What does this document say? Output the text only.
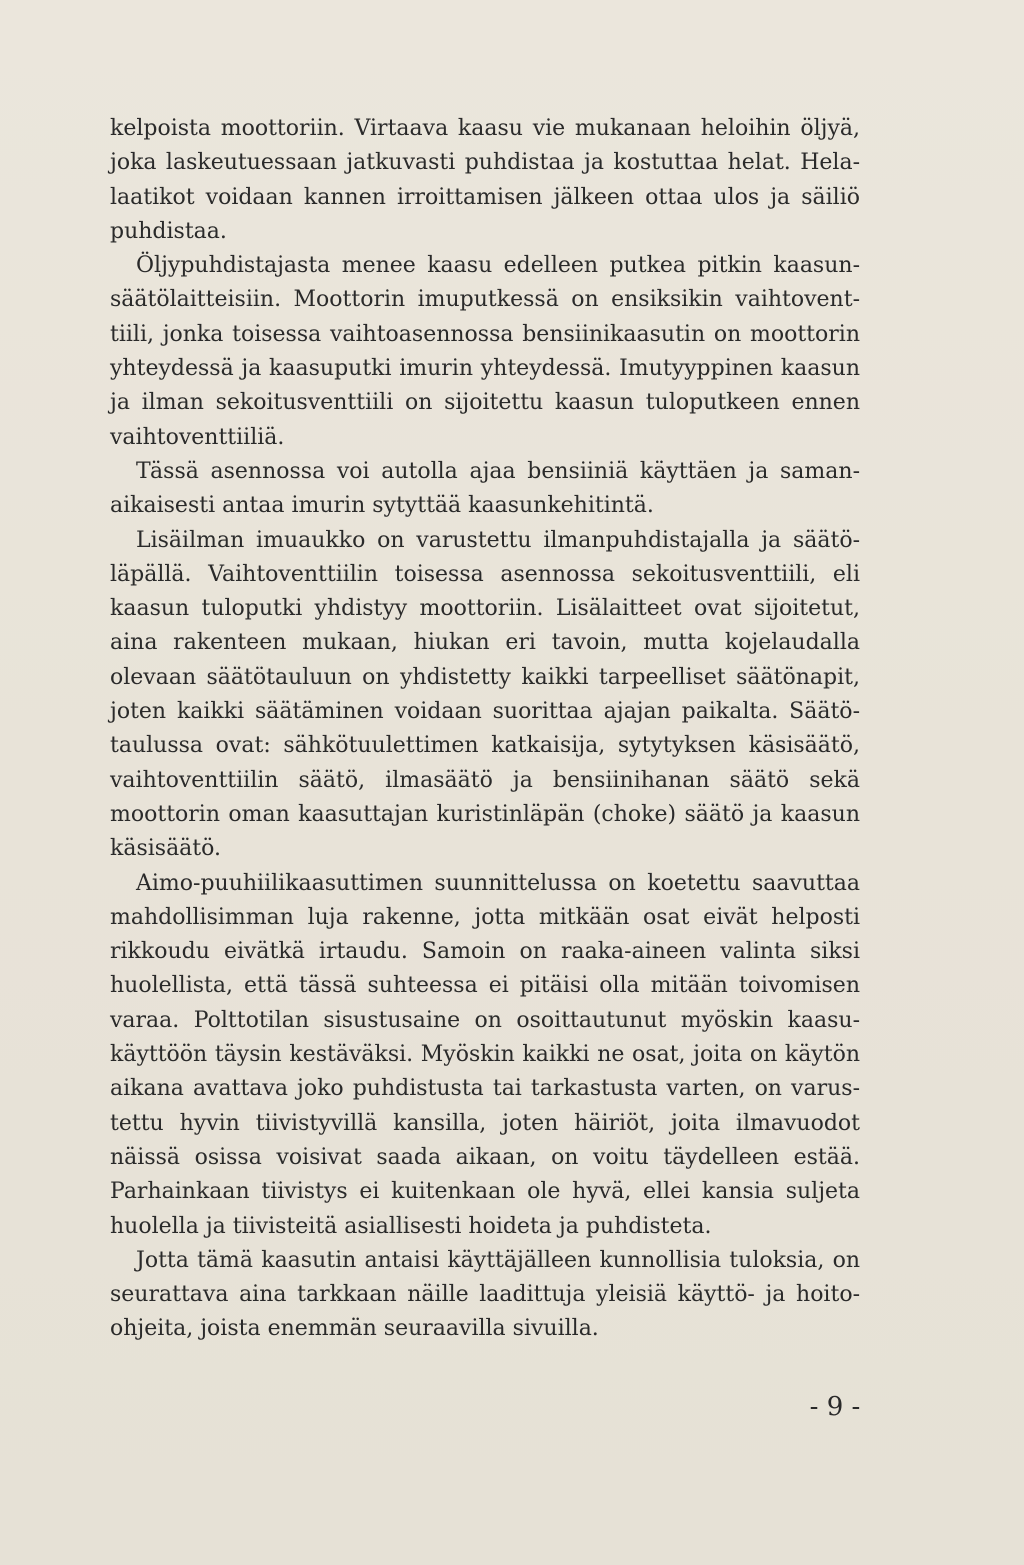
kelpoista moottoriin. Virtaava kaasu vie mukanaan heloihin öljyä, joka laskeutuessaan jatkuvasti puhdistaa ja kostuttaa helat. Helalaatikot voidaan kannen irroittamisen jälkeen ottaa ulos ja säiliö puhdistaa.

Öljypuhdistajasta menee kaasu edelleen putkea pitkin kaasunsäätölaitteisiin. Moottorin imuputkessä on ensiksikin vaihtoventtiili, jonka toisessa vaihtoasennossa bensiinikaasutin on moottorin yhteydessä ja kaasuputki imurin yhteydessä. Imutyyppinen kaasun ja ilman sekoitusventtiili on sijoitettu kaasun tuloputkeen ennen vaihtoventtiiliä.

Tässä asennossa voi autolla ajaa bensiiniä käyttäen ja samanaikaisesti antaa imurin sytyttää kaasunkehitintä.

Lisäilman imuaukko on varustettu ilmanpuhdistajalla ja säätöläpällä. Vaihtoventtiilin toisessa asennossa sekoitusventtiili, eli kaasun tuloputki yhdistyy moottoriin. Lisälaitteet ovat sijoitetut, aina rakenteen mukaan, hiukan eri tavoin, mutta kojelaudalla olevaan säätötauluun on yhdistetty kaikki tarpeelliset säätönapit, joten kaikki säätäminen voidaan suorittaa ajajan paikalta. Säätötaulussa ovat: sähkötuulettimen katkaisija, sytytyksen käsisäätö, vaihtoventtiilin säätö, ilmasäätö ja bensiinihanan säätö sekä moottorin oman kaasuttajan kuristinläpän (choke) säätö ja kaasun käsisäätö.

Aimo-puuhiilikaasuttimen suunnittelussa on koetettu saavuttaa mahdollisimman luja rakenne, jotta mitkään osat eivät helposti rikkoudu eivätkä irtaudu. Samoin on raaka-aineen valinta siksi huolellista, että tässä suhteessa ei pitäisi olla mitään toivomisen varaa. Polttotilan sisustusaine on osoittautunut myöskin kaasukäyttöön täysin kestäväksi. Myöskin kaikki ne osat, joita on käytön aikana avattava joko puhdistusta tai tarkastusta varten, on varustettu hyvin tiivistyvillä kansilla, joten häiriöt, joita ilmavuodot näissä osissa voisivat saada aikaan, on voitu täydelleen estää. Parhainkaan tiivistys ei kuitenkaan ole hyvä, ellei kansia suljeta huolella ja tiivisteitä asiallisesti hoideta ja puhdisteta.

Jotta tämä kaasutin antaisi käyttäjälleen kunnollisia tuloksia, on seurattava aina tarkkaan näille laadittuja yleisiä käyttö- ja hoitoohjeita, joista enemmän seuraavilla sivuilla.

- 9 -
